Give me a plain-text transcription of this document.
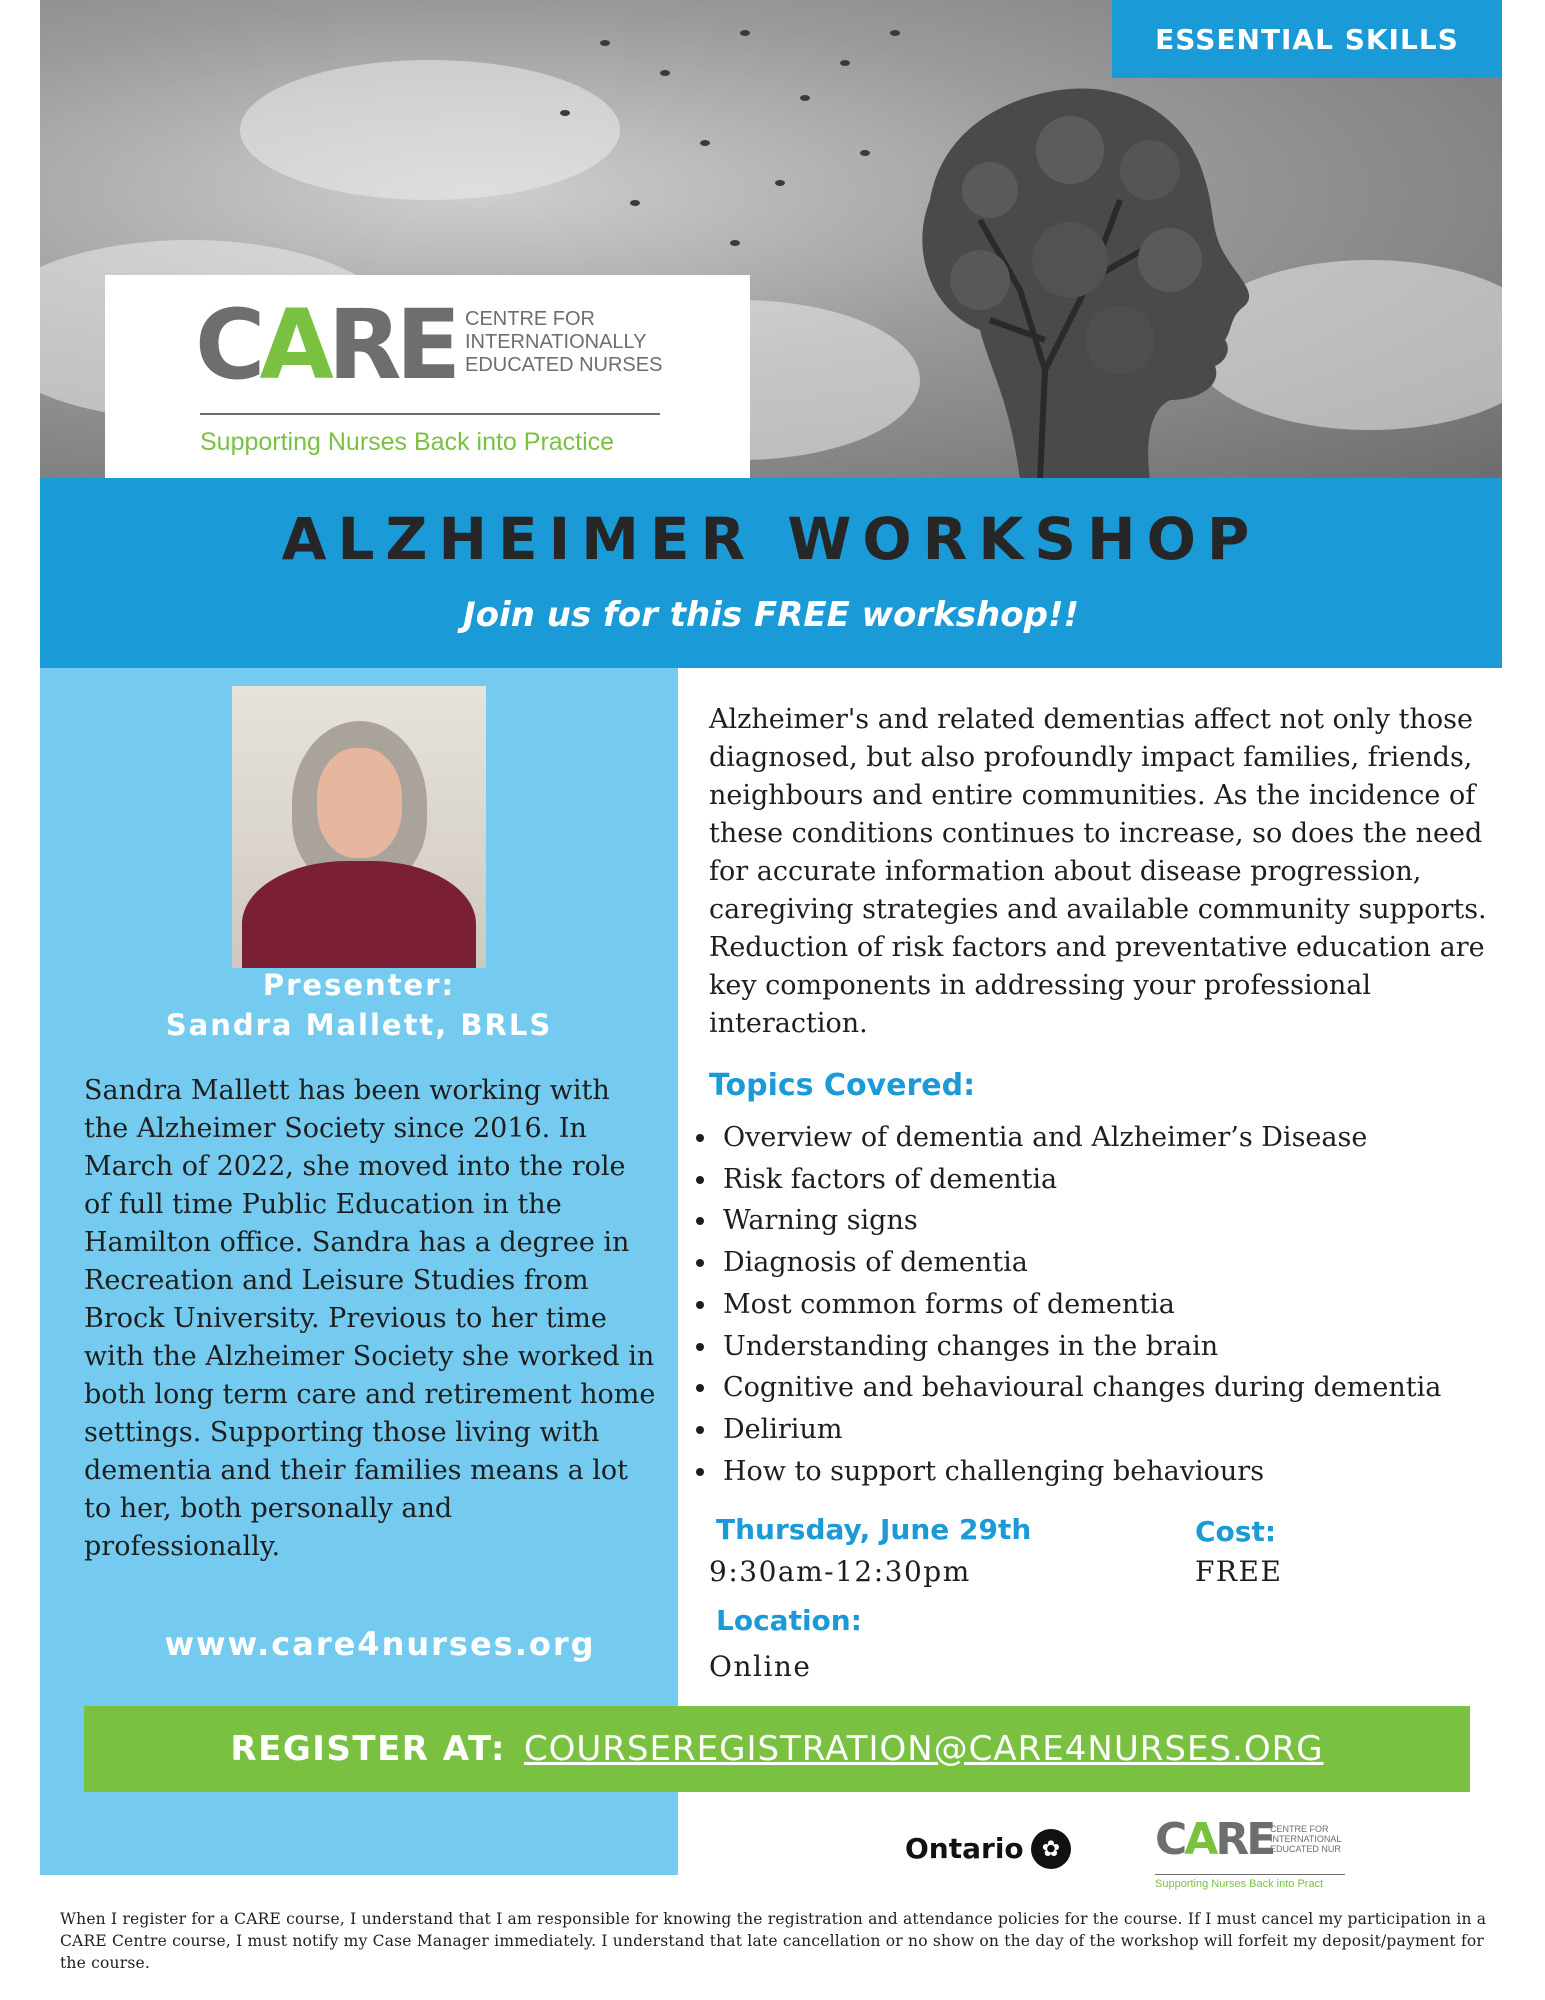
ESSENTIAL SKILLS
CARE CENTRE FOR
INTERNATIONALLY
EDUCATED NURSES
Supporting Nurses Back into Practice
ALZHEIMER WORKSHOP
Join us for this FREE workshop!!
Presenter:
Sandra Mallett, BRLS
Sandra Mallett has been working with the Alzheimer Society since 2016. In March of 2022, she moved into the role of full time Public Education in the Hamilton office. Sandra has a degree in Recreation and Leisure Studies from Brock University. Previous to her time with the Alzheimer Society she worked in both long term care and retirement home settings. Supporting those living with dementia and their families means a lot to her, both personally and professionally.
www.care4nurses.org
Alzheimer's and related dementias affect not only those diagnosed, but also profoundly impact families, friends, neighbours and entire communities. As the incidence of these conditions continues to increase, so does the need for accurate information about disease progression, caregiving strategies and available community supports. Reduction of risk factors and preventative education are key components in addressing your professional interaction.
Topics Covered:
• Overview of dementia and Alzheimer’s Disease
• Risk factors of dementia
• Warning signs
• Diagnosis of dementia
• Most common forms of dementia
• Understanding changes in the brain
• Cognitive and behavioural changes during dementia
• Delirium
• How to support challenging behaviours
Thursday, June 29th
9:30am-12:30pm
Cost:
FREE
Location:
Online
REGISTER AT: COURSEREGISTRATION@CARE4NURSES.ORG
Ontario ✿ CARE
CENTRE FOR
INTERNATIONAL
EDUCATED NUR
Supporting Nurses Back into Pract
When I register for a CARE course, I understand that I am responsible for knowing the registration and attendance policies for the course. If I must cancel my participation in a CARE Centre course, I must notify my Case Manager immediately. I understand that late cancellation or no show on the day of the workshop will forfeit my deposit/payment for the course.
